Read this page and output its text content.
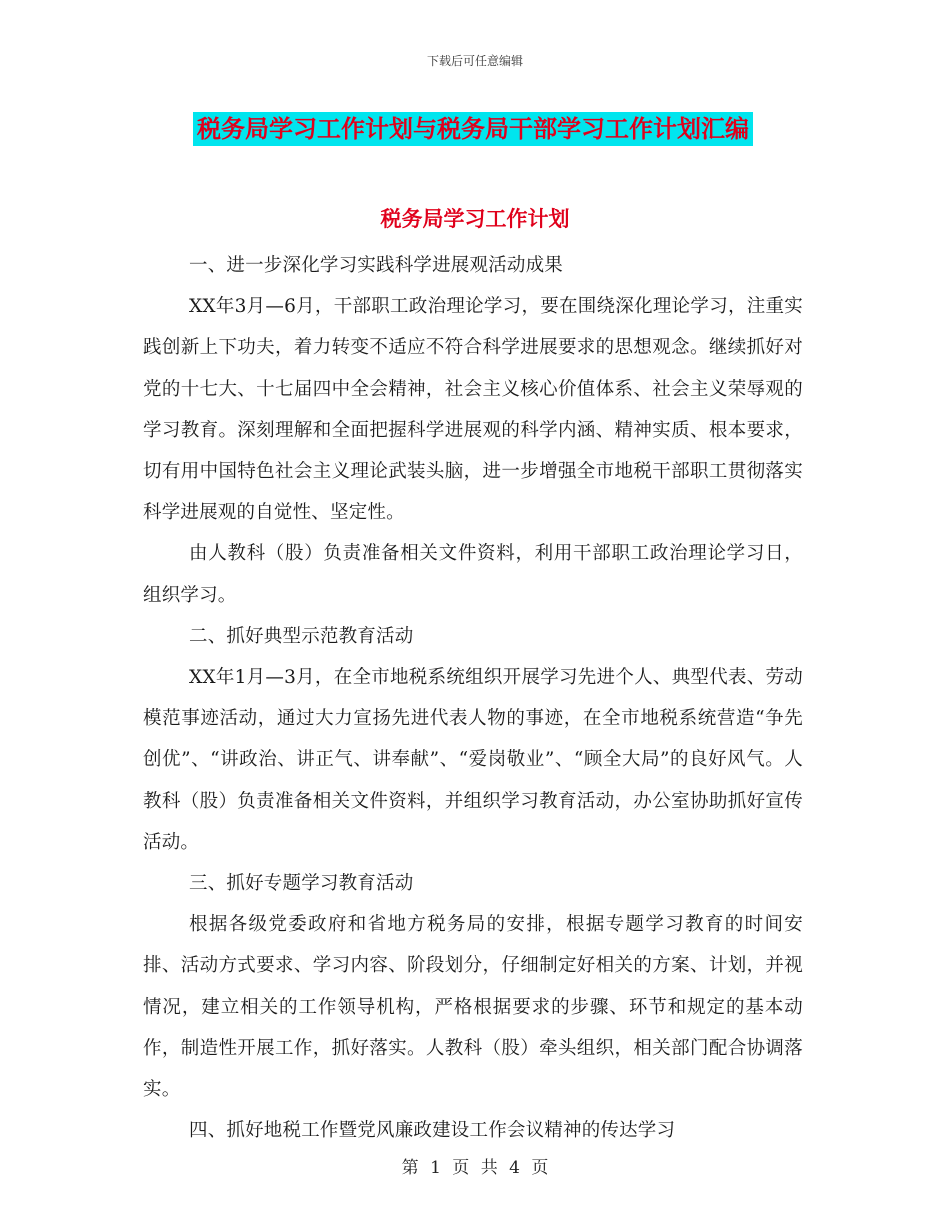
下载后可任意编辑
税务局学习工作计划与税务局干部学习工作计划汇编
税务局学习工作计划

一、进一步深化学习实践科学进展观活动成果

XX年3月—6月，干部职工政治理论学习，要在围绕深化理论学习，注重实践创新上下功夫，着力转变不适应不符合科学进展要求的思想观念。继续抓好对党的十七大、十七届四中全会精神，社会主义核心价值体系、社会主义荣辱观的学习教育。深刻理解和全面把握科学进展观的科学内涵、精神实质、根本要求，切有用中国特色社会主义理论武装头脑，进一步增强全市地税干部职工贯彻落实科学进展观的自觉性、坚定性。

由人教科（股）负责准备相关文件资料，利用干部职工政治理论学习日，组织学习。

二、抓好典型示范教育活动

XX年1月—3月，在全市地税系统组织开展学习先进个人、典型代表、劳动模范事迹活动，通过大力宣扬先进代表人物的事迹，在全市地税系统营造“争先创优”、“讲政治、讲正气、讲奉献”、“爱岗敬业”、“顾全大局”的良好风气。人教科（股）负责准备相关文件资料，并组织学习教育活动，办公室协助抓好宣传活动。

三、抓好专题学习教育活动

根据各级党委政府和省地方税务局的安排，根据专题学习教育的时间安排、活动方式要求、学习内容、阶段划分，仔细制定好相关的方案、计划，并视情况，建立相关的工作领导机构，严格根据要求的步骤、环节和规定的基本动作，制造性开展工作，抓好落实。人教科（股）牵头组织，相关部门配合协调落实。

四、抓好地税工作暨党风廉政建设工作会议精神的传达学习

第 1 页 共 4 页
